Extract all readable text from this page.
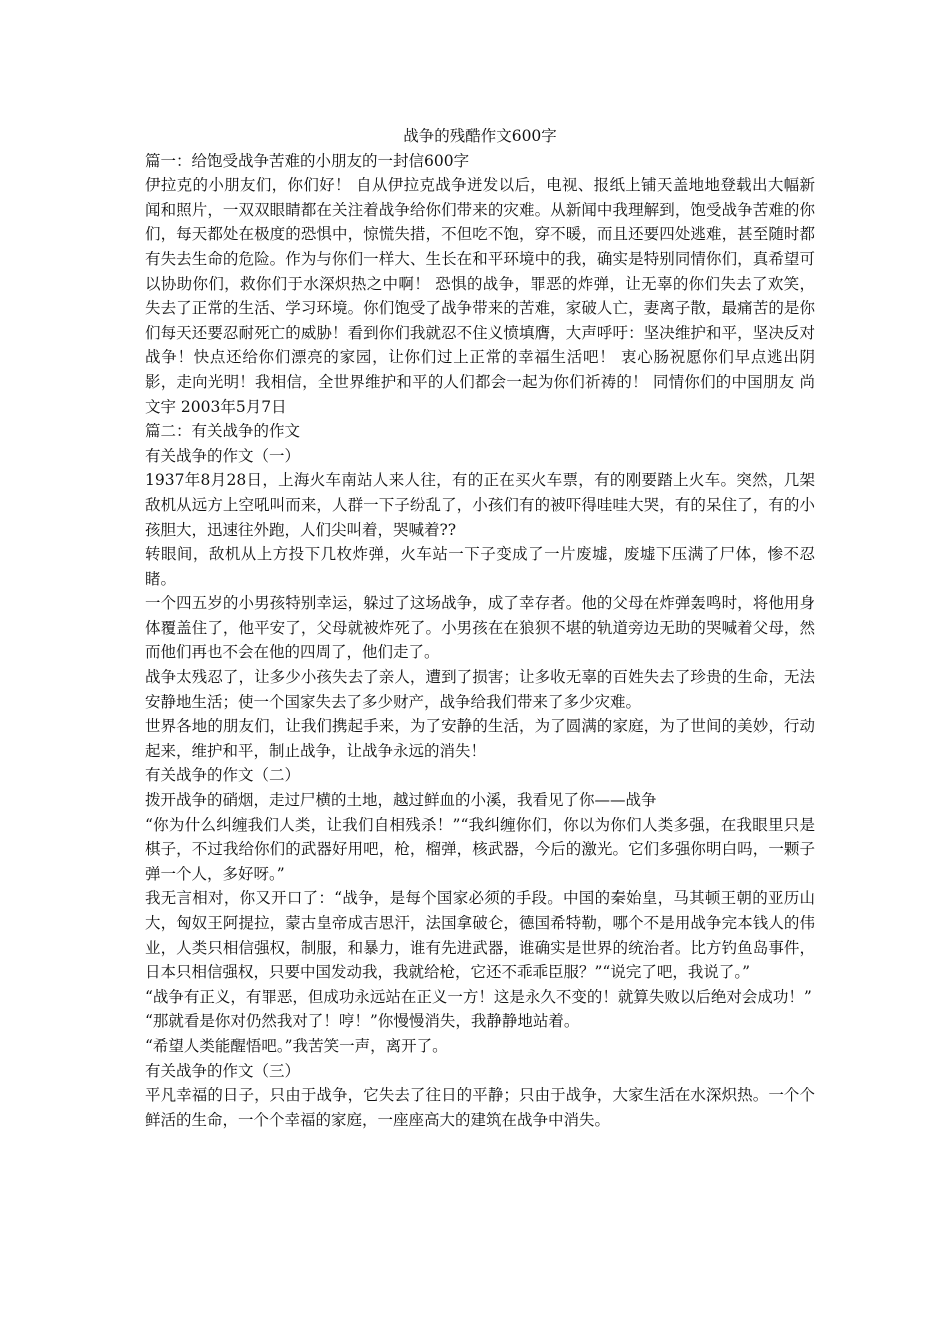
战争的残酷作文600字

篇一：给饱受战争苦难的小朋友的一封信600字

伊拉克的小朋友们，你们好！ 自从伊拉克战争迸发以后，电视、报纸上铺天盖地地登载出大幅新闻和照片，一双双眼睛都在关注着战争给你们带来的灾难。从新闻中我理解到，饱受战争苦难的你们，每天都处在极度的恐惧中，惊慌失措，不但吃不饱，穿不暖，而且还要四处逃难，甚至随时都有失去生命的危险。作为与你们一样大、生长在和平环境中的我，确实是特别同情你们，真希望可以协助你们，救你们于水深炽热之中啊！ 恐惧的战争，罪恶的炸弹，让无辜的你们失去了欢笑，失去了正常的生活、学习环境。你们饱受了战争带来的苦难，家破人亡，妻离子散，最痛苦的是你们每天还要忍耐死亡的威胁！看到你们我就忍不住义愤填膺，大声呼吁：坚决维护和平，坚决反对战争！快点还给你们漂亮的家园，让你们过上正常的幸福生活吧！ 衷心肠祝愿你们早点逃出阴影，走向光明！我相信，全世界维护和平的人们都会一起为你们祈祷的！ 同情你们的中国朋友 尚文宇 2003年5月7日

篇二：有关战争的作文

有关战争的作文（一）

1937年8月28日，上海火车南站人来人往，有的正在买火车票，有的刚要踏上火车。突然，几架敌机从远方上空吼叫而来，人群一下子纷乱了，小孩们有的被吓得哇哇大哭，有的呆住了，有的小孩胆大，迅速往外跑，人们尖叫着，哭喊着??

转眼间，敌机从上方投下几枚炸弹，火车站一下子变成了一片废墟，废墟下压满了尸体，惨不忍睹。

一个四五岁的小男孩特别幸运，躲过了这场战争，成了幸存者。他的父母在炸弹轰鸣时，将他用身体覆盖住了，他平安了，父母就被炸死了。小男孩在在狼狈不堪的轨道旁边无助的哭喊着父母，然而他们再也不会在他的四周了，他们走了。

战争太残忍了，让多少小孩失去了亲人，遭到了损害；让多收无辜的百姓失去了珍贵的生命，无法安静地生活；使一个国家失去了多少财产，战争给我们带来了多少灾难。

世界各地的朋友们，让我们携起手来，为了安静的生活，为了圆满的家庭，为了世间的美妙，行动起来，维护和平，制止战争，让战争永远的消失！

有关战争的作文（二）

拨开战争的硝烟，走过尸横的土地，越过鲜血的小溪，我看见了你——战争

“你为什么纠缠我们人类，让我们自相残杀！”“我纠缠你们，你以为你们人类多强，在我眼里只是棋子，不过我给你们的武器好用吧，枪，榴弹，核武器，今后的激光。它们多强你明白吗，一颗子弹一个人，多好呀。”

我无言相对，你又开口了：“战争，是每个国家必须的手段。中国的秦始皇，马其顿王朝的亚历山大，匈奴王阿提拉，蒙古皇帝成吉思汗，法国拿破仑，德国希特勒，哪个不是用战争完本钱人的伟业，人类只相信强权，制服，和暴力，谁有先进武器，谁确实是世界的统治者。比方钓鱼岛事件，日本只相信强权，只要中国发动我，我就给枪，它还不乖乖臣服？”“说完了吧，我说了。”

“战争有正义，有罪恶，但成功永远站在正义一方！这是永久不变的！就算失败以后绝对会成功！”

“那就看是你对仍然我对了！哼！”你慢慢消失，我静静地站着。

“希望人类能醒悟吧。”我苦笑一声，离开了。

有关战争的作文（三）

平凡幸福的日子，只由于战争，它失去了往日的平静；只由于战争，大家生活在水深炽热。一个个鲜活的生命，一个个幸福的家庭，一座座高大的建筑在战争中消失。
